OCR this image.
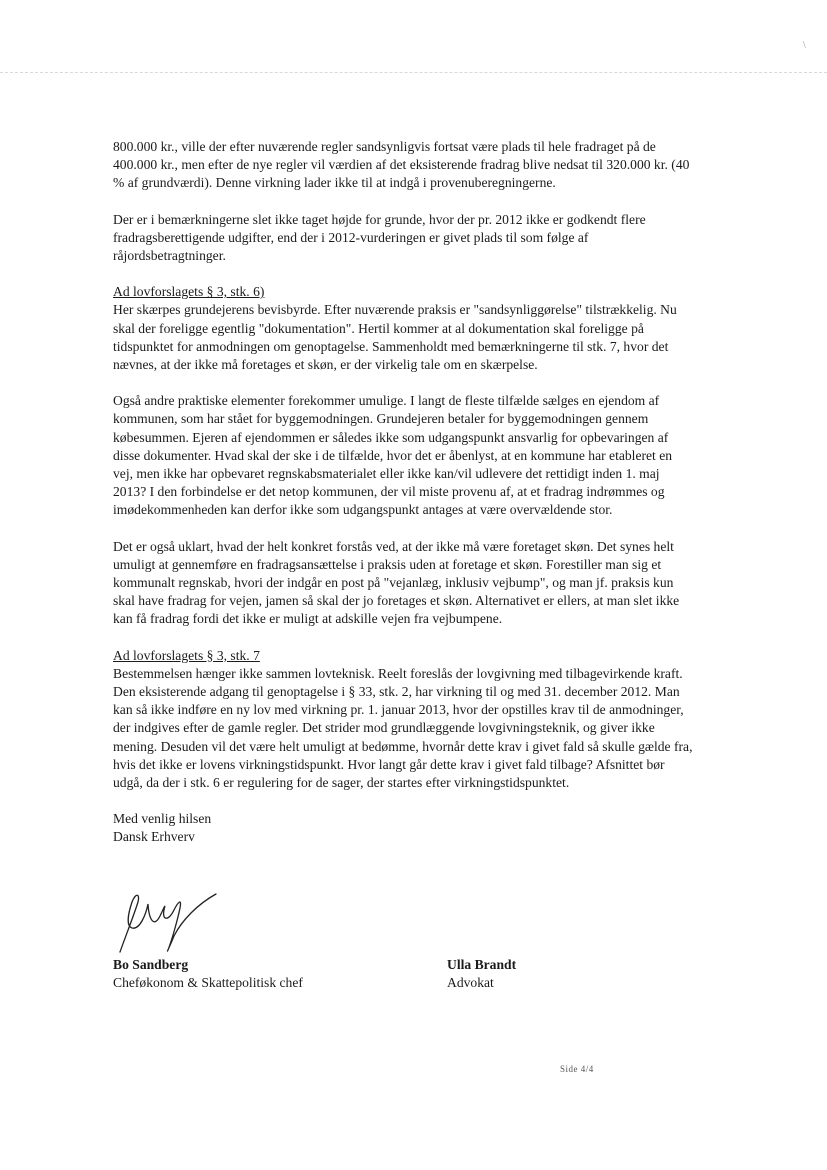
\

800.000 kr., ville der efter nuværende regler sandsynligvis fortsat være plads til hele fradraget på de 400.000 kr., men efter de nye regler vil værdien af det eksisterende fradrag blive nedsat til 320.000 kr. (40 % af grundværdi). Denne virkning lader ikke til at indgå i provenuberegningerne.

Der er i bemærkningerne slet ikke taget højde for grunde, hvor der pr. 2012 ikke er godkendt flere fradragsberettigende udgifter, end der i 2012-vurderingen er givet plads til som følge af råjordsbetragtninger.

Ad lovforslagets § 3, stk. 6)
Her skærpes grundejerens bevisbyrde. Efter nuværende praksis er "sandsynliggørelse" tilstrækkelig. Nu skal der foreligge egentlig "dokumentation". Hertil kommer at al dokumentation skal foreligge på tidspunktet for anmodningen om genoptagelse. Sammenholdt med bemærkningerne til stk. 7, hvor det nævnes, at der ikke må foretages et skøn, er der virkelig tale om en skærpelse.

Også andre praktiske elementer forekommer umulige. I langt de fleste tilfælde sælges en ejendom af kommunen, som har stået for byggemodningen. Grundejeren betaler for byggemodningen gennem købesummen. Ejeren af ejendommen er således ikke som udgangspunkt ansvarlig for opbevaringen af disse dokumenter. Hvad skal der ske i de tilfælde, hvor det er åbenlyst, at en kommune har etableret en vej, men ikke har opbevaret regnskabsmaterialet eller ikke kan/vil udlevere det rettidigt inden 1. maj 2013? I den forbindelse er det netop kommunen, der vil miste provenu af, at et fradrag indrømmes og imødekommenheden kan derfor ikke som udgangspunkt antages at være overvældende stor.

Det er også uklart, hvad der helt konkret forstås ved, at der ikke må være foretaget skøn. Det synes helt umuligt at gennemføre en fradragsansættelse i praksis uden at foretage et skøn. Forestiller man sig et kommunalt regnskab, hvori der indgår en post på "vejanlæg, inklusiv vejbump", og man jf. praksis kun skal have fradrag for vejen, jamen så skal der jo foretages et skøn. Alternativet er ellers, at man slet ikke kan få fradrag fordi det ikke er muligt at adskille vejen fra vejbumpene.

Ad lovforslagets § 3, stk. 7
Bestemmelsen hænger ikke sammen lovteknisk. Reelt foreslås der lovgivning med tilbagevirkende kraft. Den eksisterende adgang til genoptagelse i § 33, stk. 2, har virkning til og med 31. december 2012. Man kan så ikke indføre en ny lov med virkning pr. 1. januar 2013, hvor der opstilles krav til de anmodninger, der indgives efter de gamle regler. Det strider mod grundlæggende lovgivningsteknik, og giver ikke mening. Desuden vil det være helt umuligt at bedømme, hvornår dette krav i givet fald så skulle gælde fra, hvis det ikke er lovens virkningstidspunkt. Hvor langt går dette krav i givet fald tilbage? Afsnittet bør udgå, da der i stk. 6 er regulering for de sager, der startes efter virkningstidspunktet.

Med venlig hilsen
Dansk Erhverv
Bo Sandberg
Cheføkonom & Skattepolitisk chef
Ulla Brandt
Advokat
Side 4/4
